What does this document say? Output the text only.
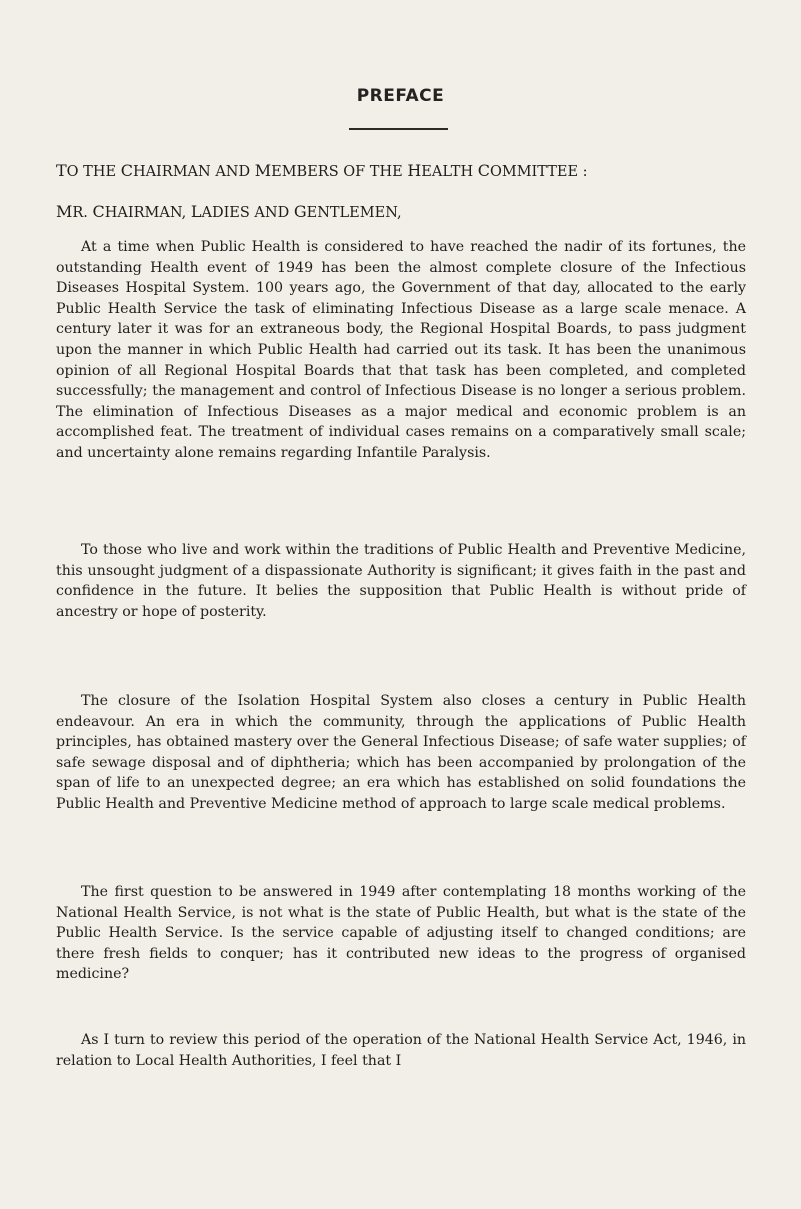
PREFACE
TO THE CHAIRMAN AND MEMBERS OF THE HEALTH COMMITTEE :
MR. CHAIRMAN, LADIES AND GENTLEMEN,

At a time when Public Health is considered to have reached the nadir of its fortunes, the outstanding Health event of 1949 has been the almost complete closure of the Infectious Diseases Hospital System. 100 years ago, the Government of that day, allocated to the early Public Health Service the task of eliminating Infectious Disease as a large scale menace. A century later it was for an extraneous body, the Regional Hospital Boards, to pass judgment upon the manner in which Public Health had carried out its task. It has been the unanimous opinion of all Regional Hospital Boards that that task has been completed, and completed successfully; the management and control of Infectious Disease is no longer a serious problem. The elimination of Infectious Diseases as a major medical and economic problem is an accomplished feat. The treatment of individual cases remains on a comparatively small scale; and uncertainty alone remains regarding Infantile Paralysis.

To those who live and work within the traditions of Public Health and Preventive Medicine, this unsought judgment of a dispassionate Authority is significant; it gives faith in the past and confidence in the future. It belies the supposition that Public Health is without pride of ancestry or hope of posterity.

The closure of the Isolation Hospital System also closes a century in Public Health endeavour. An era in which the community, through the applications of Public Health principles, has obtained mastery over the General Infectious Disease; of safe water supplies; of safe sewage disposal and of diphtheria; which has been accompanied by prolongation of the span of life to an unexpected degree; an era which has established on solid foundations the Public Health and Preventive Medicine method of approach to large scale medical problems.

The first question to be answered in 1949 after contemplating 18 months working of the National Health Service, is not what is the state of Public Health, but what is the state of the Public Health Service. Is the service capable of adjusting itself to changed conditions; are there fresh fields to conquer; has it contributed new ideas to the progress of organised medicine?

As I turn to review this period of the operation of the National Health Service Act, 1946, in relation to Local Health Authorities, I feel that I
